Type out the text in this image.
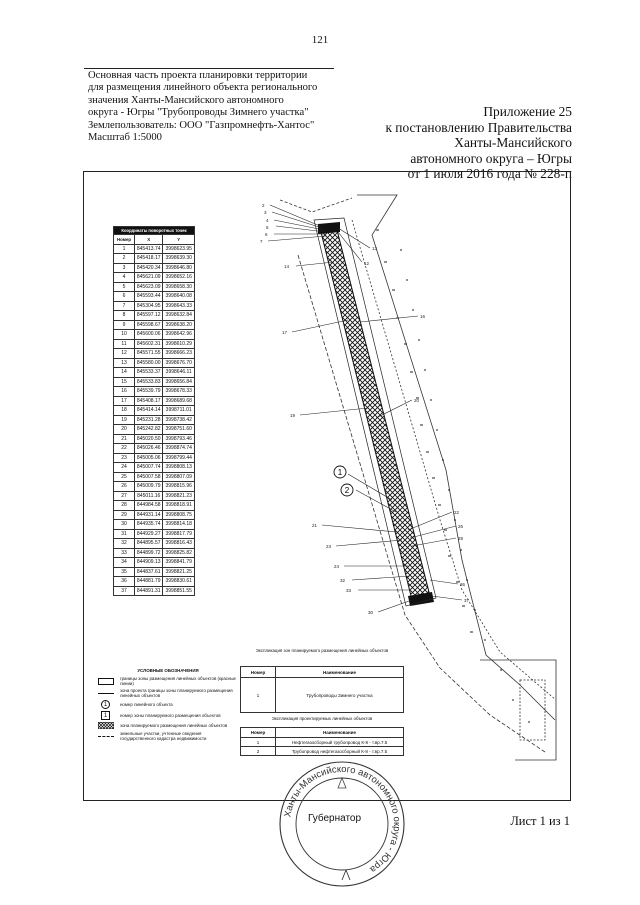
121
Основная часть проекта планировки территории
для размещения линейного объекта регионального
значения Ханты-Мансийского автономного
округа - Югры "Трубопроводы Зимнего участка"
Землепользователь: ООО "Газпромнефть-Хантос"
Масштаб 1:5000
Приложение 25
к постановлению Правительства
Ханты-Мансийского
автономного округа – Югры
от 1 июля 2016 года № 228-п
Координаты поворотных точек		
Номер	X	Y
1	845413.74	3998623.95
2	845418.17	3998639.30
3	845420.34	3998646.80
4	845621.09	3998652.16
5	845623.09	3998658.30
6	845593.44	3998640.08
7	845304.95	3998643.33
8	845597.12	3998632.84
9	845598.67	3998638.20
10	845600.06	3998642.96
11	845602.31	3998610.29
12	845571.55	3998666.23
13	845580.00	3998676.70
14	845533.37	3998646.11
15	845533.83	3998656.84
16	845539.79	3998678.33
17	845408.17	3998689.68
18	845414.14	3998711.01
19	845231.28	3998738.42
20	845242.82	3998751.60
21	845020.50	3998793.46
22	845026.46	3998874.74
23	845005.06	3998799.44
24	845007.74	3998808.13
25	845007.58	3998807.09
26	845009.79	3998815.96
27	845011.16	3998821.23
28	844984.58	3998818.91
29	844931.14	3998808.75
30	844935.74	3998814.18
31	844929.27	3998817.79
32	844895.57	3998816.43
33	844899.72	3998825.82
34	844909.13	3998841.79
35	844837.61	3998821.25
36	844881.79	3998830.61
37	844891.31	3998851.55
2
3
4
5
6
7
13
12
14
17
19
16
20
21
23
24
32
33
30
22
26
28
36
37
1
2
УСЛОВНЫЕ ОБОЗНАЧЕНИЯ
границы зоны размещения линейных объектов (красные линии)
зона проекта границы зоны планируемого размещения линейных объектов
1	номер линейного объекта
1	номер зоны планируемого размещения объектов
зона планируемого размещения линейных объектов
земельные участки, учтенные сведения государственного кадастра недвижимости
Экспликация зон планируемого размещения линейных объектов
Номер	Наименование
1	Трубопроводы Зимнего участка
Экспликация проектируемых линейных объектов
Номер	Наименование
1	Нефтегазосборный трубопровод К-8 - т.вр.7.5
2	Трубопровод нефтегазосборный К-8 - т.вр.7.5
Ханты-Мансийского автономного округа - Югра
Губернатор	Лист 1 из 1
